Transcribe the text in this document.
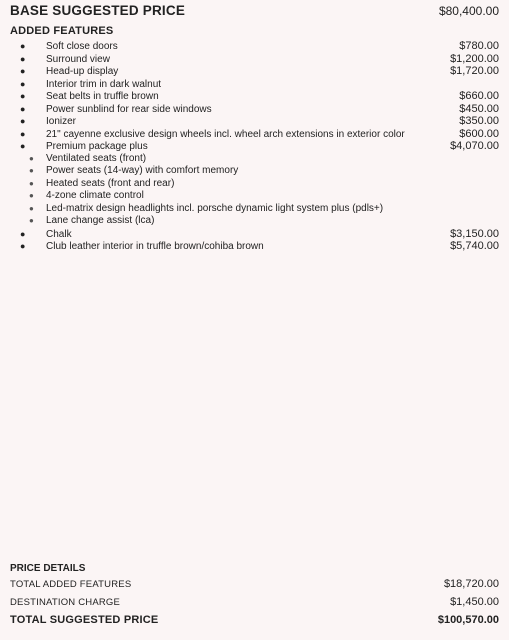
BASE SUGGESTED PRICE	$80,400.00
ADDED FEATURES
●	Soft close doors	$780.00
●	Surround view	$1,200.00
●	Head-up display	$1,720.00
●	Interior trim in dark walnut
●	Seat belts in truffle brown	$660.00
●	Power sunblind for rear side windows	$450.00
●	Ionizer	$350.00
●	21" cayenne exclusive design wheels incl. wheel arch extensions in exterior color	$600.00
●	Premium package plus	$4,070.00
●	Ventilated seats (front)
●	Power seats (14-way) with comfort memory
●	Heated seats (front and rear)
●	4-zone climate control
●	Led-matrix design headlights incl. porsche dynamic light system plus (pdls+)
●	Lane change assist (lca)
●	Chalk	$3,150.00
●	Club leather interior in truffle brown/cohiba brown	$5,740.00
PRICE DETAILS
TOTAL ADDED FEATURES	$18,720.00
DESTINATION CHARGE	$1,450.00
TOTAL SUGGESTED PRICE	$100,570.00
